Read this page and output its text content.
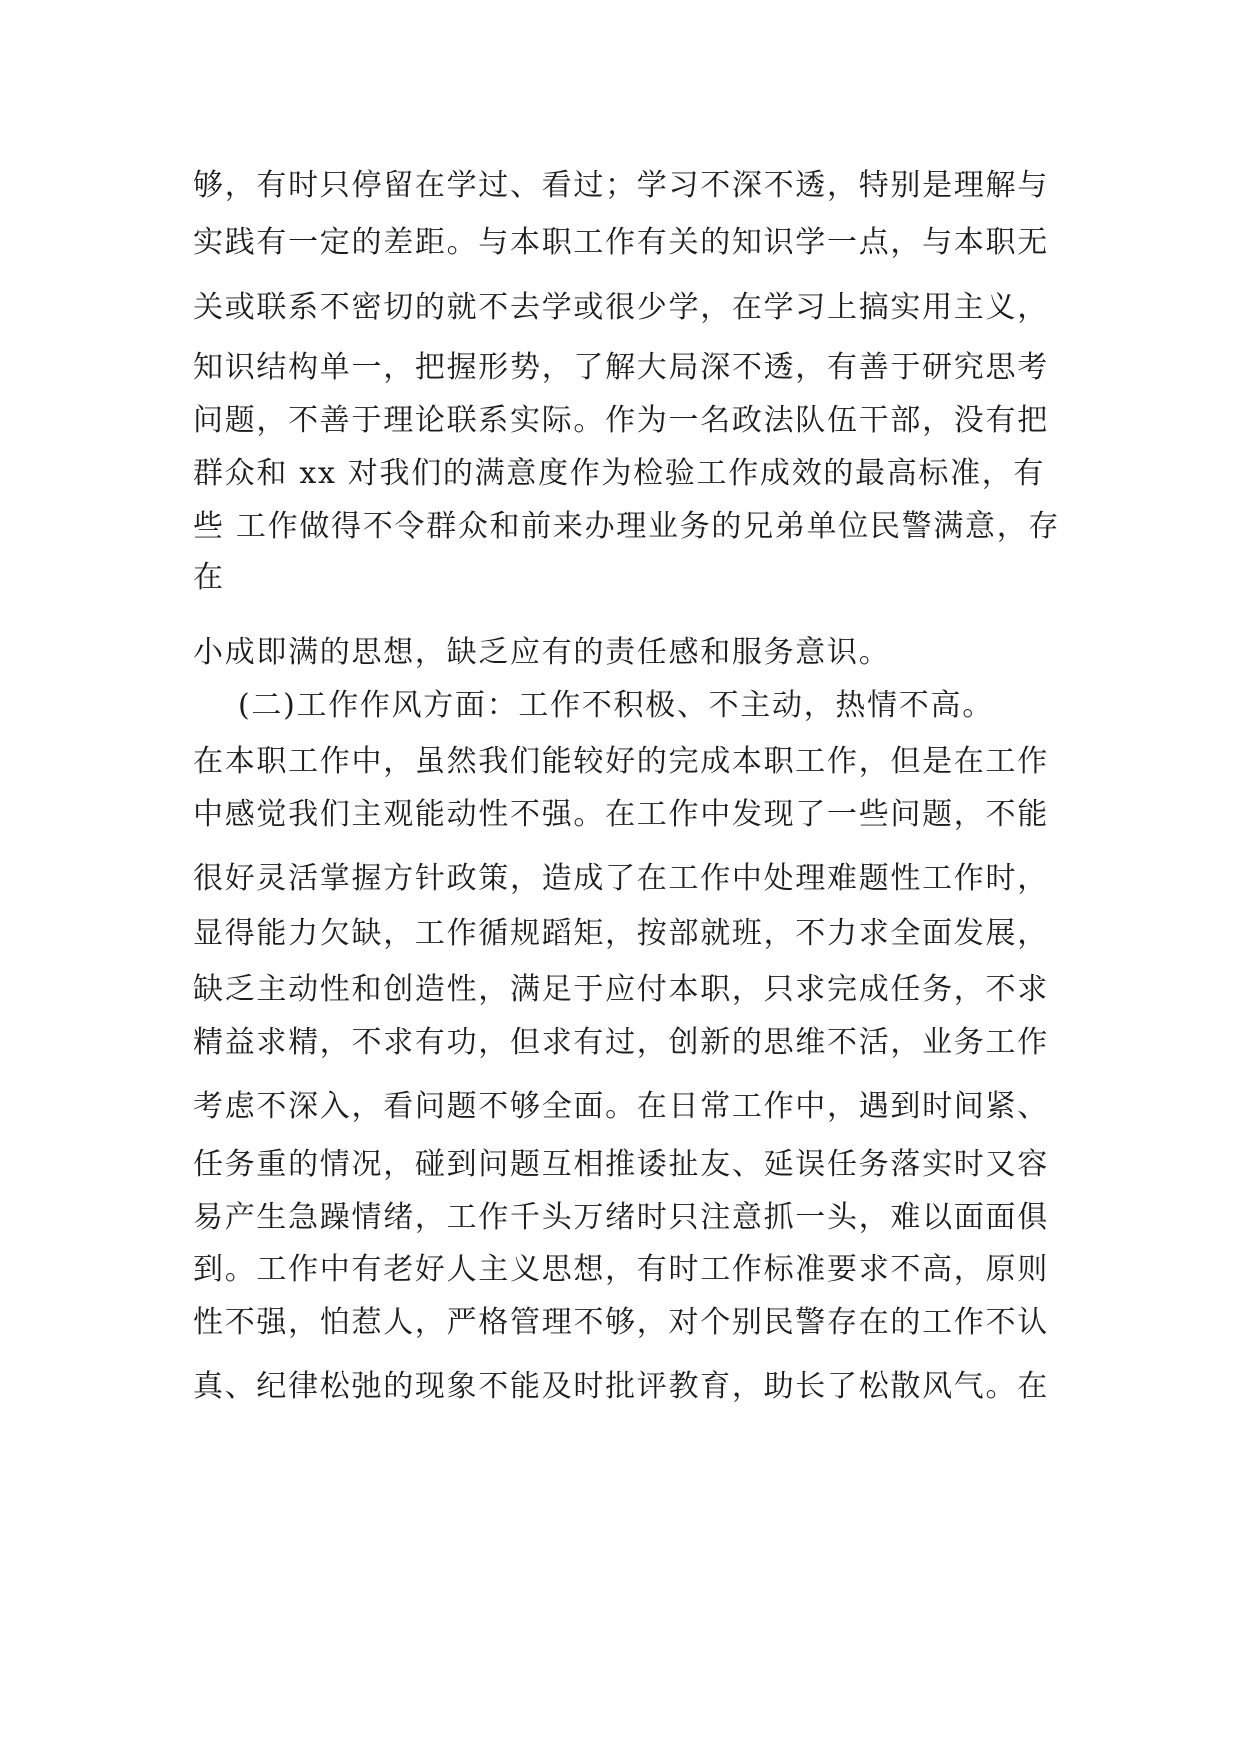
够，有时只停留在学过、看过；学习不深不透，特别是理解与
实践有一定的差距。与本职工作有关的知识学一点，与本职无
关或联系不密切的就不去学或很少学，在学习上搞实用主义，
知识结构单一，把握形势，了解大局深不透，有善于研究思考
问题，不善于理论联系实际。作为一名政法队伍干部，没有把
群众和 xx 对我们的满意度作为检验工作成效的最高标准，有
些 工作做得不令群众和前来办理业务的兄弟单位民警满意，存
在
小成即满的思想，缺乏应有的责任感和服务意识。
(二)工作作风方面：工作不积极、不主动，热情不高。
在本职工作中，虽然我们能较好的完成本职工作，但是在工作
中感觉我们主观能动性不强。在工作中发现了一些问题，不能
很好灵活掌握方针政策，造成了在工作中处理难题性工作时，
显得能力欠缺，工作循规蹈矩，按部就班，不力求全面发展，
缺乏主动性和创造性，满足于应付本职，只求完成任务，不求
精益求精，不求有功，但求有过，创新的思维不活，业务工作
考虑不深入，看问题不够全面。在日常工作中，遇到时间紧、
任务重的情况，碰到问题互相推诿扯友、延误任务落实时又容
易产生急躁情绪，工作千头万绪时只注意抓一头，难以面面俱
到。工作中有老好人主义思想，有时工作标准要求不高，原则
性不强，怕惹人，严格管理不够，对个别民警存在的工作不认
真、纪律松弛的现象不能及时批评教育，助长了松散风气。在
